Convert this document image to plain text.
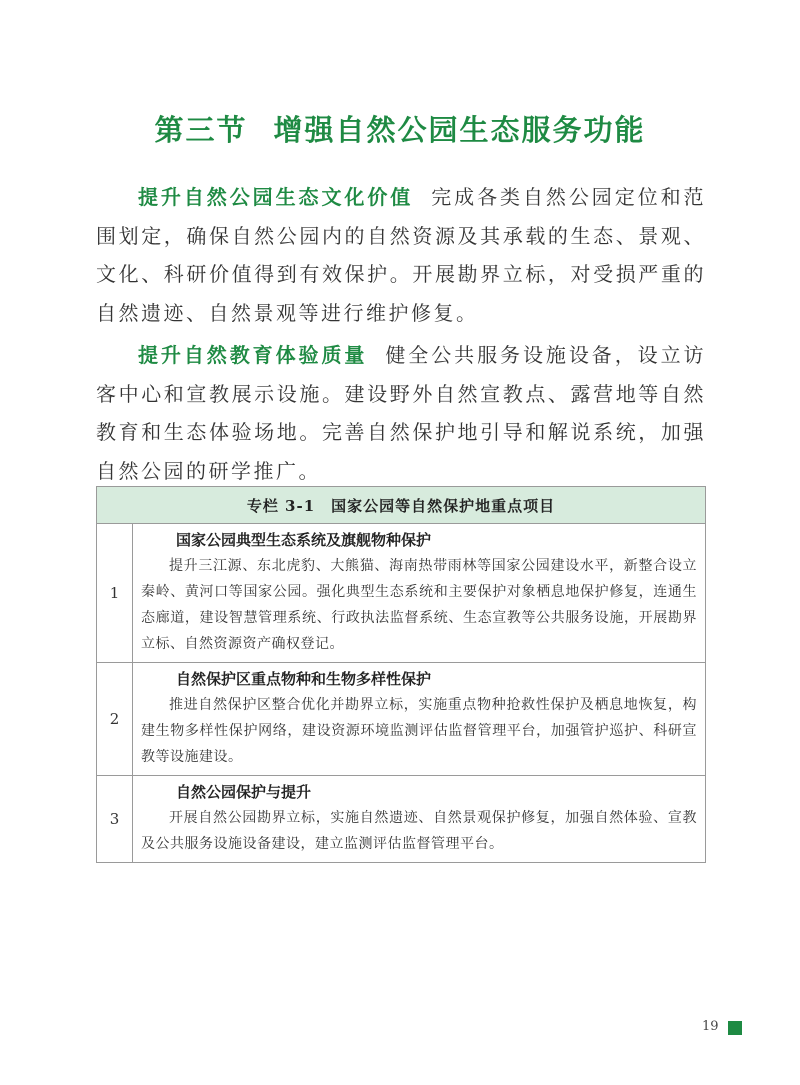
第三节 增强自然公园生态服务功能

提升自然公园生态文化价值 完成各类自然公园定位和范围划定，确保自然公园内的自然资源及其承载的生态、景观、文化、科研价值得到有效保护。开展勘界立标，对受损严重的自然遗迹、自然景观等进行维护修复。

提升自然教育体验质量 健全公共服务设施设备，设立访客中心和宣教展示设施。建设野外自然宣教点、露营地等自然教育和生态体验场地。完善自然保护地引导和解说系统，加强自然公园的研学推广。

专栏 3-1　国家公园等自然保护地重点项目	
1	国家公园典型生态系统及旗舰物种保护
提升三江源、东北虎豹、大熊猫、海南热带雨林等国家公园建设水平，新整合设立秦岭、黄河口等国家公园。强化典型生态系统和主要保护对象栖息地保护修复，连通生态廊道，建设智慧管理系统、行政执法监督系统、生态宣教等公共服务设施，开展勘界立标、自然资源资产确权登记。

2	自然保护区重点物种和生物多样性保护
推进自然保护区整合优化并勘界立标，实施重点物种抢救性保护及栖息地恢复，构建生物多样性保护网络，建设资源环境监测评估监督管理平台，加强管护巡护、科研宣教等设施建设。

3	自然公园保护与提升
开展自然公园勘界立标，实施自然遗迹、自然景观保护修复，加强自然体验、宣教及公共服务设施设备建设，建立监测评估监督管理平台。
19
